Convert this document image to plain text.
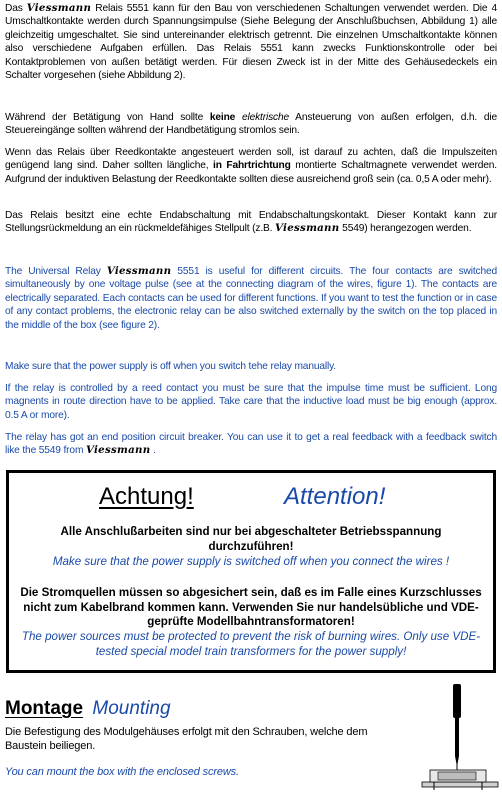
Das Viessmann Relais 5551 kann für den Bau von verschiedenen Schaltungen verwendet werden. Die 4 Umschaltkontakte werden durch Spannungsimpulse (Siehe Belegung der Anschlußbuchsen, Abbildung 1) alle gleichzeitig umgeschaltet. Sie sind untereinander elektrisch getrennt. Die einzelnen Umschaltkontakte können also verschiedene Aufgaben erfüllen. Das Relais 5551 kann zwecks Funktionskontrolle oder bei Kontaktproblemen von außen betätigt werden. Für diesen Zweck ist in der Mitte des Gehäusedeckels ein Schalter vorgesehen (siehe Abbildung 2).

Während der Betätigung von Hand sollte keine elektrische Ansteuerung von außen erfolgen, d.h. die Steuereingänge sollten während der Handbetätigung stromlos sein.

Wenn das Relais über Reedkontakte angesteuert werden soll, ist darauf zu achten, daß die Impulszeiten genügend lang sind. Daher sollten längliche, in Fahrtrichtung montierte Schaltmagnete verwendet werden. Aufgrund der induktiven Belastung der Reedkontakte sollten diese ausreichend groß sein (ca. 0,5 A oder mehr).

Das Relais besitzt eine echte Endabschaltung mit Endabschaltungskontakt. Dieser Kontakt kann zur Stellungsrückmeldung an ein rückmeldefähiges Stellpult (z.B. Viessmann 5549) herangezogen werden.

The Universal Relay Viessmann 5551 is useful for different circuits. The four contacts are switched simultaneously by one voltage pulse (see at the connecting diagram of the wires, figure 1). The contacts are electrically separated. Each contacts can be used for different functions. If you want to test the function or in case of any contact problems, the electronic relay can be also switched externally by the switch on the top placed in the middle of the box (see figure 2).

Make sure that the power supply is off when you switch tehe relay manually.

If the relay is controlled by a reed contact you must be sure that the impulse time must be sufficient. Long magnents in route direction have to be applied. Take care that the inductive load must be big enough (approx. 0.5 A or more).

The relay has got an end position circuit breaker. You can use it to get a real feedback with a feedback switch like the 5549 from Viessmann .

Achtung!	Attention!
Alle Anschlußarbeiten sind nur bei abgeschalteter Betriebsspannung durchzuführen!
Make sure that the power supply is switched off when you connect the wires !
Die Stromquellen müssen so abgesichert sein, daß es im Falle eines Kurzschlusses nicht zum Kabelbrand kommen kann. Verwenden Sie nur handelsübliche und VDE-geprüfte Modellbahntransformatoren!
The power sources must be protected to prevent the risk of burning wires. Only use VDE-tested special model train transformers for the power supply!
Montage Mounting

Die Befestigung des Modulgehäuses erfolgt mit den Schrauben, welche dem Baustein beiliegen.

You can mount the box with the enclosed screws.
